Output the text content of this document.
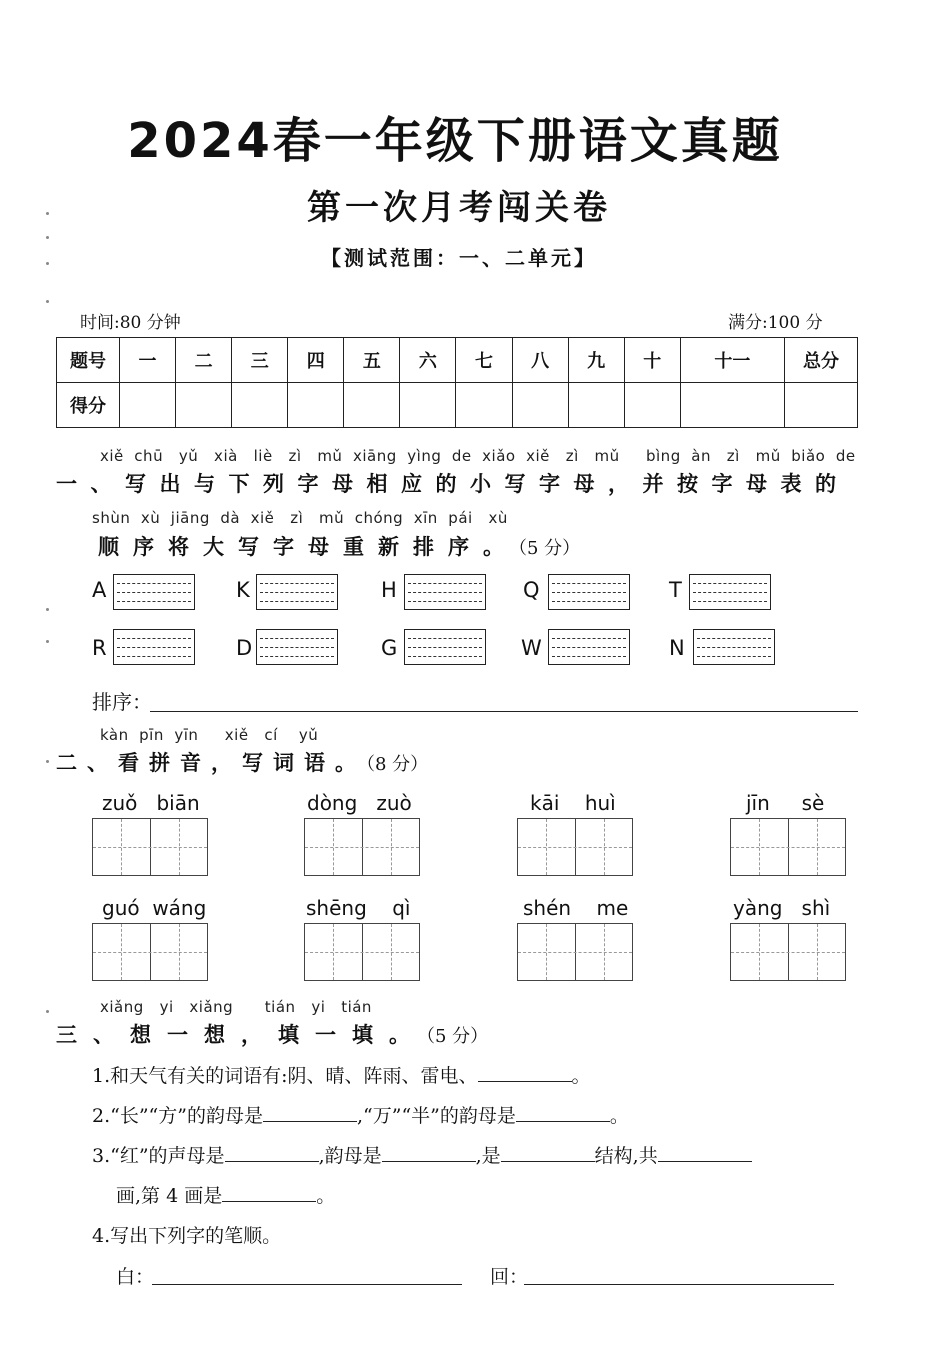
2024春一年级下册语文真题
第一次月考闯关卷
【测试范围：一、二单元】
时间:80 分钟	满分:100 分
题号	一	二	三	四	五	六	七	八	九	十	十一	总分
得分												
xiě  chū   yǔ   xià   liè   zì   mǔ  xiāng  yìng  de  xiǎo  xiě   zì   mǔ     bìng  àn   zì   mǔ  biǎo  de
一、写出与下列字母相应的小写字母，并按字母表的
shùn  xù  jiāng  dà  xiě   zì   mǔ  chóng  xīn  pái   xù
顺序将大写字母重新排序。（5 分）
A	K	H	Q	T
R	D	G	W	N
排序：
kàn  pīn  yīn     xiě   cí    yǔ
二、看拼音，写词语。（8 分）
zuǒ   biān	dòng   zuò	kāi    huì	jīn     sè
guó  wáng	shēng    qì	shén    me	yàng   shì
xiǎng   yi   xiǎng      tián   yi   tián
三、想一想，填一填。（5 分）
1.和天气有关的词语有:阴、晴、阵雨、雷电、	。
2.“长”“方”的韵母是	,“万”“半”的韵母是	。
3.“红”的声母是	,韵母是	,是	结构,共
画,第 4 画是	。
4.写出下列字的笔顺。
白：	回：
